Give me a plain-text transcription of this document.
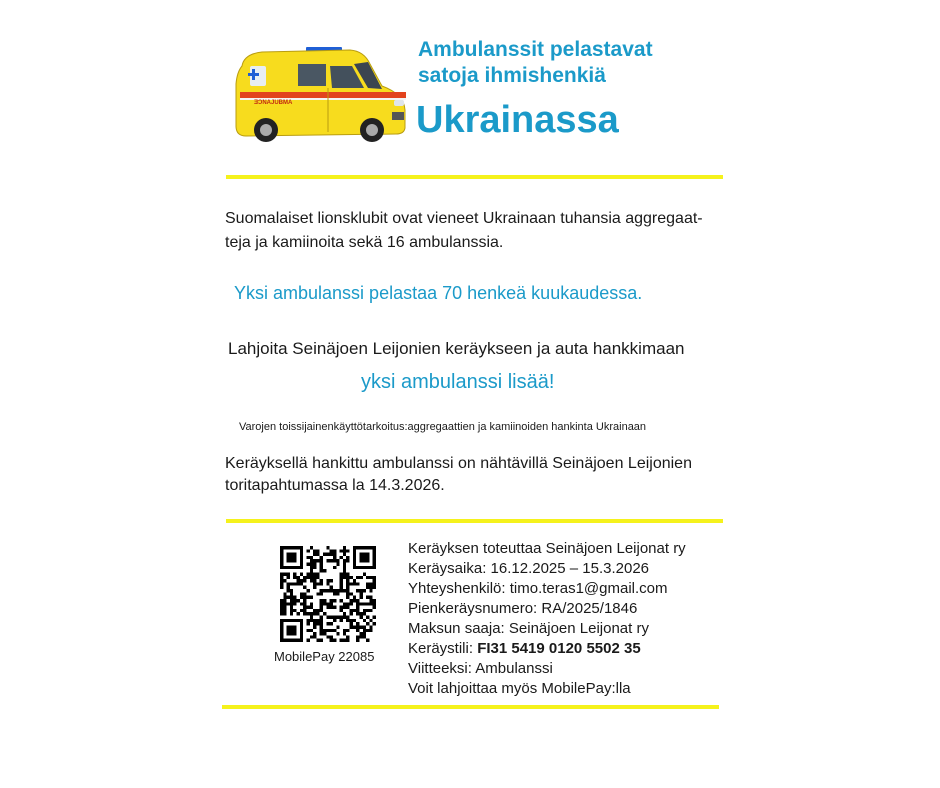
ƎƆNAJUBMA
Ambulanssit pelastavat
satoja ihmishenkiä
Ukrainassa
Suomalaiset lionsklubit ovat vieneet Ukrainaan tuhansia aggregaat-teja ja kamiinoita sekä 16 ambulanssia.
Yksi ambulanssi pelastaa 70 henkeä kuukaudessa.
Lahjoita Seinäjoen Leijonien keräykseen ja auta hankkimaan
yksi ambulanssi lisää!
Varojen toissijainenkäyttötarkoitus:aggregaattien ja kamiinoiden hankinta Ukrainaan
Keräyksellä hankittu ambulanssi on nähtävillä Seinäjoen Leijonien toritapahtumassa la 14.3.2026.
MobilePay 22085
Keräyksen toteuttaa Seinäjoen Leijonat ry
Keräysaika: 16.12.2025 – 15.3.2026
Yhteyshenkilö: timo.teras1@gmail.com
Pienkeräysnumero: RA/2025/1846
Maksun saaja: Seinäjoen Leijonat ry
Keräystili: FI31 5419 0120 5502 35
Viitteeksi: Ambulanssi
Voit lahjoittaa myös MobilePay:lla
